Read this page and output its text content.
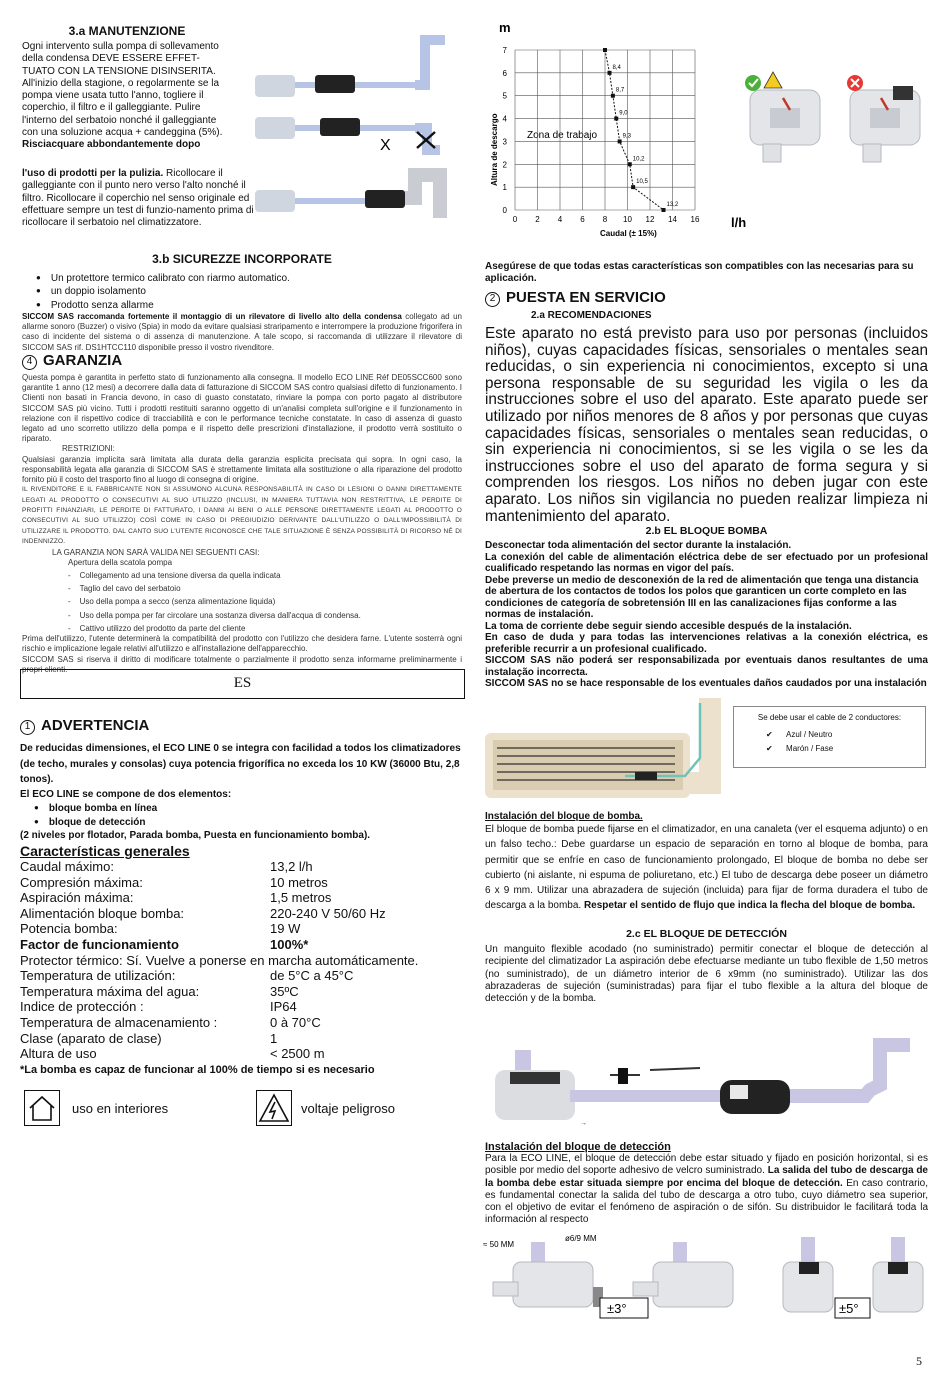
3.a MANUTENZIONE
Ogni intervento sulla pompa di sollevamento della condensa DEVE ESSERE EFFET-TUATO CON LA TENSIONE DISINSERITA. All'inizio della stagione, o regolarmente se la pompa viene usata tutto l'anno, togliere il coperchio, il filtro e il galleggiante. Pulire l'interno del serbatoio nonché il galleggiante con una soluzione acqua + candeggina (5%).
Risciacquare abbondantemente dopo
l'uso di prodotti per la pulizia. Ricollocare il galleggiante con il punto nero verso l'alto nonché il filtro. Ricollocare il coperchio nel senso originale ed effettuare sempre un test di funzio-namento prima di ricollocare il serbatoio nel climatizzatore.
X
3.b SICUREZZE INCORPORATE
● Un protettore termico calibrato con riarmo automatico.
● un doppio isolamento
● Prodotto senza allarme
SICCOM SAS raccomanda fortemente il montaggio di un rilevatore di livello alto della condensa collegato ad un allarme sonoro (Buzzer) o visivo (Spia) in modo da evitare qualsiasi straripamento e interrompere la produzione frigorifera in caso di incidente del sistema o di assenza di manutenzione. A tale scopo, si raccomanda di utilizzare il rilevatore di SICCOM SAS rif. DS1HTCC110 disponibile presso il vostro rivenditore.
4 GARANZIA
Questa pompa è garantita in perfetto stato di funzionamento alla consegna. Il modello ECO LINE Réf DE05SCC600 sono garantite 1 anno (12 mesi) a decorrere dalla data di fatturazione di SICCOM SAS contro qualsiasi difetto di funzionamento. I Clienti non basati in Francia devono, in caso di guasto constatato, rinviare la pompa con porto pagato al distributore SICCOM SAS più vicino. Tutti i prodotti restituiti saranno oggetto di un'analisi completa sull'origine e il funzionamento in relazione con il rispettivo codice di tracciabilità e con le performance tecniche constatate. In caso di assenza di guasto legato ad uno scorretto utilizzo della pompa e il rispetto delle prescrizioni d'installazione, il prodotto verrà sostituito o riparato.
RESTRIZIONI:
Qualsiasi garanzia implicita sarà limitata alla durata della garanzia esplicita precisata qui sopra. In ogni caso, la responsabilità legata alla garanzia di SICCOM SAS è strettamente limitata alla sostituzione o alla riparazione del prodotto fornito più il costo del trasporto fino al luogo di consegna di origine.
IL RIVENDITORE E IL FABBRICANTE NON SI ASSUMONO ALCUNA RESPONSABILITÀ IN CASO DI LESIONI O DANNI DIRETTAMENTE LEGATI AL PRODOTTO O CONSECUTIVI AL SUO UTILIZZO (INCLUSI, IN MANIERA TUTTAVIA NON RESTRITTIVA, LE PERDITE DI PROFITTI FINANZIARI, LE PERDITE DI FATTURATO, I DANNI AI BENI O ALLE PERSONE DIRETTAMENTE LEGATI AL PRODOTTO O CONSECUTIVI AL SUO UTILIZZO) COSÌ COME IN CASO DI PREGIUDIZIO DERIVANTE DALL'UTILIZZO O DALL'IMPOSSIBILITÀ DI UTILIZZARE IL PRODOTTO. DAL CANTO SUO L'UTENTE RICONOSCE CHE TALE SITUAZIONE È SENZA POSSIBILITÀ DI RICORSO NÉ DI INDENNIZZO.
LA GARANZIA NON SARÀ VALIDA NEI SEGUENTI CASI:
Apertura della scatola pompa
-    Collegamento ad una tensione diversa da quella indicata
-    Taglio del cavo del serbatoio
-    Uso della pompa a secco (senza alimentazione liquida)
-    Uso della pompa per far circolare una sostanza diversa dall'acqua di condensa.
-    Cattivo utilizzo del prodotto da parte del cliente
Prima dell'utilizzo, l'utente determinerà la compatibilità del prodotto con l'utilizzo che desidera farne. L'utente sosterrà ogni rischio e implicazione legale relativi all'utilizzo e all'installazione dell'apparecchio.
SICCOM SAS si riserva il diritto di modificare totalmente o parzialmente il prodotto senza informarne preliminarmente i propri clienti.
ES
1 ADVERTENCIA
De reducidas dimensiones, el ECO LINE 0 se integra con facilidad a todos los climatizadores (de techo, murales y consolas) cuya potencia frigorífica no exceda los 10 KW (36000 Btu, 2,8 tonos).
El ECO LINE se compone de dos elementos:
● bloque bomba en línea
● bloque de detección
(2 niveles por flotador, Parada bomba, Puesta en funcionamiento bomba).
Características generales
Caudal máximo:	13,2 l/h
Compresión máxima:	10 metros
Aspiración máxima:	1,5 metros
Alimentación bloque bomba:	220-240 V 50/60 Hz
Potencia bomba:	19 W
Factor de funcionamiento	100%*
Protector térmico: Sí. Vuelve a ponerse en marcha automáticamente.
Temperatura de utilización:	de 5°C a 45°C
Temperatura máxima del agua:	35ºC
Indice de protección :	IP64
Temperatura de almacenamiento :	0 à 70°C
Clase (aparato de clase)	1
Altura de uso	< 2500 m
*La bomba es capaz de funcionar al 100% de tiempo si es necesario
uso en interiores	voltaje peligroso
m
l/h
Altura de descargo
Caudal (± 15%)
Zona de trabajo
0 2 4 6 8 10 12 14 16
0
1
2
3
4
5
6
7
8,4
8,7
9,0
9,3
10,2
10,5
13,2
Asegúrese de que todas estas características son compatibles con las necesarias para su aplicación.
2 PUESTA EN SERVICIO
2.a RECOMENDACIONES
Este aparato no está previsto para uso por personas (incluidos niños), cuyas capacidades físicas, sensoriales o mentales sean reducidas, o sin experiencia ni conocimientos, excepto si una persona responsable de su seguridad les vigila o les da instrucciones sobre el uso del aparato. Este aparato puede ser utilizado por niños menores de 8 años y por personas que cuyas capacidades físicas, sensoriales o mentales sean reducidas, o sin experiencia ni conocimientos, si se les vigila o se les da instrucciones sobre el uso del aparato de forma segura y si comprenden los riesgos. Los niños no deben jugar con este aparato. Los niños sin vigilancia no pueden realizar limpieza ni mantenimiento del aparato.
2.b EL BLOQUE BOMBA
Desconectar toda alimentación del sector durante la instalación.
La conexión del cable de alimentación eléctrica debe de ser efectuado por un profesional cualificado respetando las normas en vigor del país.
Debe preverse un medio de desconexión de la red de alimentación que tenga una distancia de abertura de los contactos de todos los polos que garanticen un corte completo en las condiciones de categoría de sobretensión III en las canalizaciones fijas conforme a las normas de instalación.
La toma de corriente debe seguir siendo accesible después de la instalación.
En caso de duda y para todas las intervenciones relativas a la conexión eléctrica, es preferible recurrir a un profesional cualificado.
SICCOM SAS não poderá ser responsabilizada por eventuais danos resultantes de uma instalação incorrecta.
SICCOM SAS no se hace responsable de los eventuales daños caudados por una instalación
Se debe usar el cable de 2 conductores:
✔ Azul / Neutro
✔ Marón / Fase
Instalación del bloque de bomba.
El bloque de bomba puede fijarse en el climatizador, en una canaleta (ver el esquema adjunto) o en un falso techo.: Debe guardarse un espacio de separación en torno al bloque de bomba, para permitir que se enfríe en caso de funcionamiento prolongado, El bloque de bomba no debe ser cubierto (ni aislante, ni espuma de poliuretano, etc.) El tubo de descarga debe poseer un diámetro 6 x 9 mm. Utilizar una abrazadera de sujeción (incluida) para fijar de forma duradera el tubo de descarga a la bomba. Respetar el sentido de flujo que indica la flecha del bloque de bomba.
2.c EL BLOQUE DE DETECCIÓN
Un manguito flexible acodado (no suministrado) permitir conectar el bloque de detección al recipiente del climatizador La aspiración debe efectuarse mediante un tubo flexible de 1,50 metros (no suministrado), de un diámetro interior de 6 x9mm (no suministrado). Utilizar las dos abrazaderas de sujeción (suministradas) para fijar el tubo flexible a la altura del bloque de detección y de la bomba.
→
Instalación del bloque de detección
Para la ECO LINE, el bloque de detección debe estar situado y fijado en posición horizontal, si es posible por medio del soporte adhesivo de velcro suministrado. La salida del tubo de descarga de la bomba debe estar situada siempre por encima del bloque de detección. En caso contrario, es fundamental conectar la salida del tubo de descarga a otro tubo, cuyo diámetro sea superior, con el objetivo de evitar el fenómeno de aspiración o de sifón. Su distribuidor le facilitará toda la información al respecto
≈ 50 MM
ø6/9 MM
±3°	±5°
5
